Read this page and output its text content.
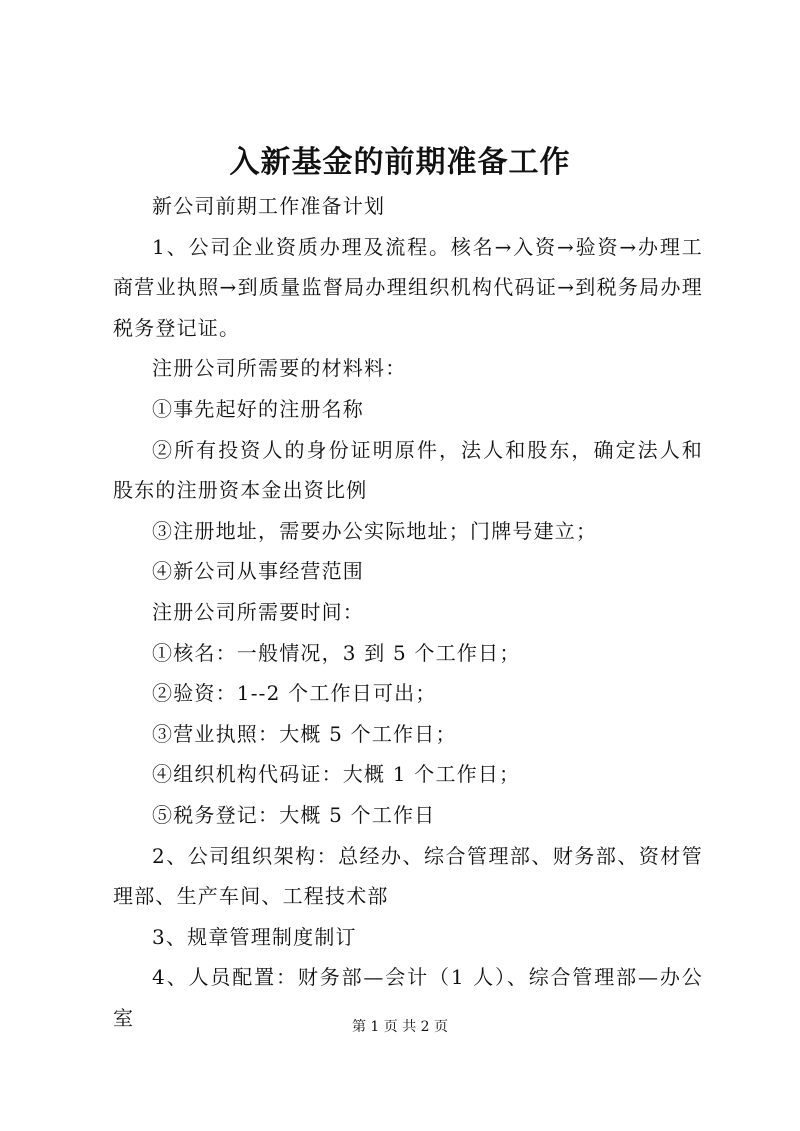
入新基金的前期准备工作

新公司前期工作准备计划

1、公司企业资质办理及流程。核名→入资→验资→办理工商营业执照→到质量监督局办理组织机构代码证→到税务局办理税务登记证。

注册公司所需要的材料料：

①事先起好的注册名称

②所有投资人的身份证明原件，法人和股东，确定法人和股东的注册资本金出资比例

③注册地址，需要办公实际地址；门牌号建立；

④新公司从事经营范围

注册公司所需要时间：

①核名：一般情况，3 到 5 个工作日；

②验资：1--2 个工作日可出；

③营业执照：大概 5 个工作日；

④组织机构代码证：大概 1 个工作日；

⑤税务登记：大概 5 个工作日

2、公司组织架构：总经办、综合管理部、财务部、资材管理部、生产车间、工程技术部

3、规章管理制度制订

4、人员配置：财务部—会计（1 人）、综合管理部—办公室	第 1 页 共 2 页
